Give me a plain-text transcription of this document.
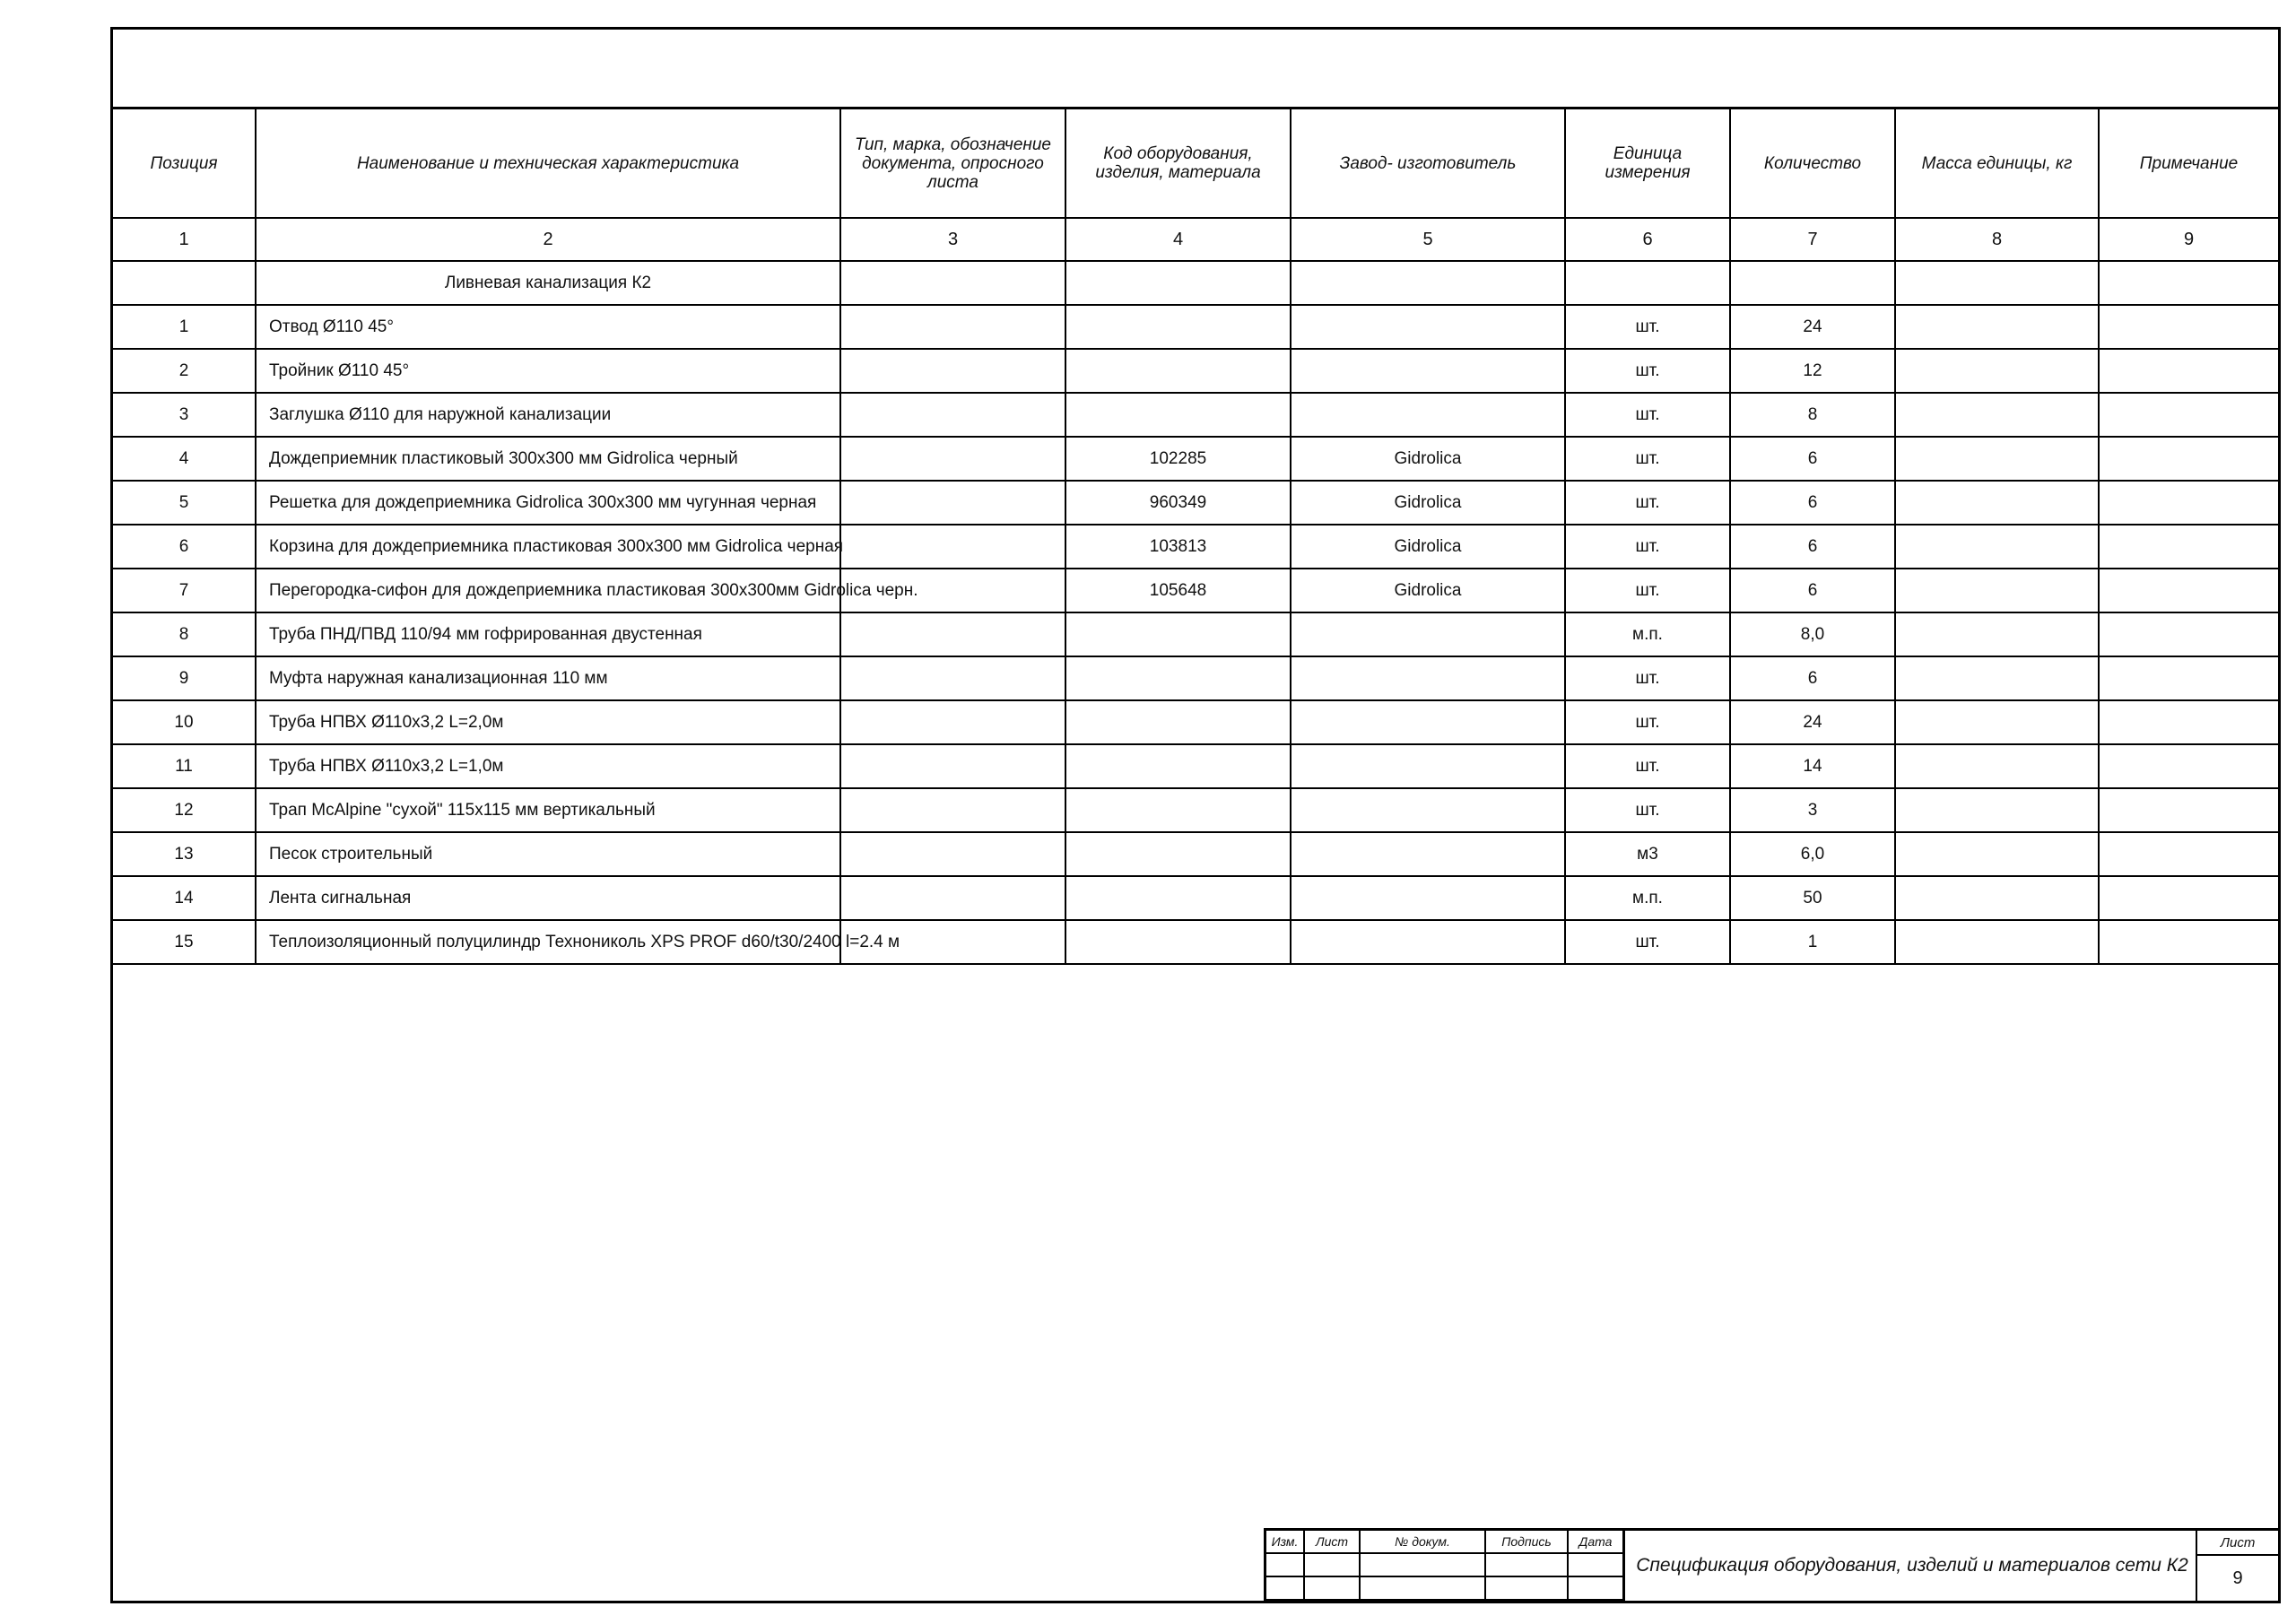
Позиция	Наименование и техническая характеристика	Тип, марка, обозначение документа, опросного листа	Код оборудования, изделия, материала	Завод- изготовитель	Единица измерения	Количество	Масса единицы, кг	Примечание
1	2	3	4	5	6	7	8	9
	Ливневая канализация К2							
1	Отвод Ø110 45°				шт.	24		
2	Тройник Ø110 45°				шт.	12		
3	Заглушка Ø110 для наружной канализации				шт.	8		
4	Дождеприемник пластиковый 300х300 мм Gidrolica черный		102285	Gidrolica	шт.	6		
5	Решетка для дождеприемника Gidrolica 300х300 мм чугунная черная		960349	Gidrolica	шт.	6		
6	Корзина для дождеприемника пластиковая 300х300 мм Gidrolica черная		103813	Gidrolica	шт.	6		
7	Перегородка-сифон для дождеприемника пластиковая 300х300мм Gidrolica черн.		105648	Gidrolica	шт.	6		
8	Труба ПНД/ПВД 110/94 мм гофрированная двустенная				м.п.	8,0		
9	Муфта наружная канализационная 110 мм				шт.	6		
10	Труба НПВХ Ø110х3,2 L=2,0м				шт.	24		
11	Труба НПВХ Ø110х3,2 L=1,0м				шт.	14		
12	Трап McAlpine "сухой" 115х115 мм вертикальный				шт.	3		
13	Песок строительный				м3	6,0		
14	Лента сигнальная				м.п.	50		
15	Теплоизоляционный полуцилиндр Технониколь XPS PROF d60/t30/2400 l=2.4 м				шт.	1		
Изм.	Лист	№ докум.	Подпись	Дата

Спецификация оборудования, изделий и материалов сети К2
Лист
9
